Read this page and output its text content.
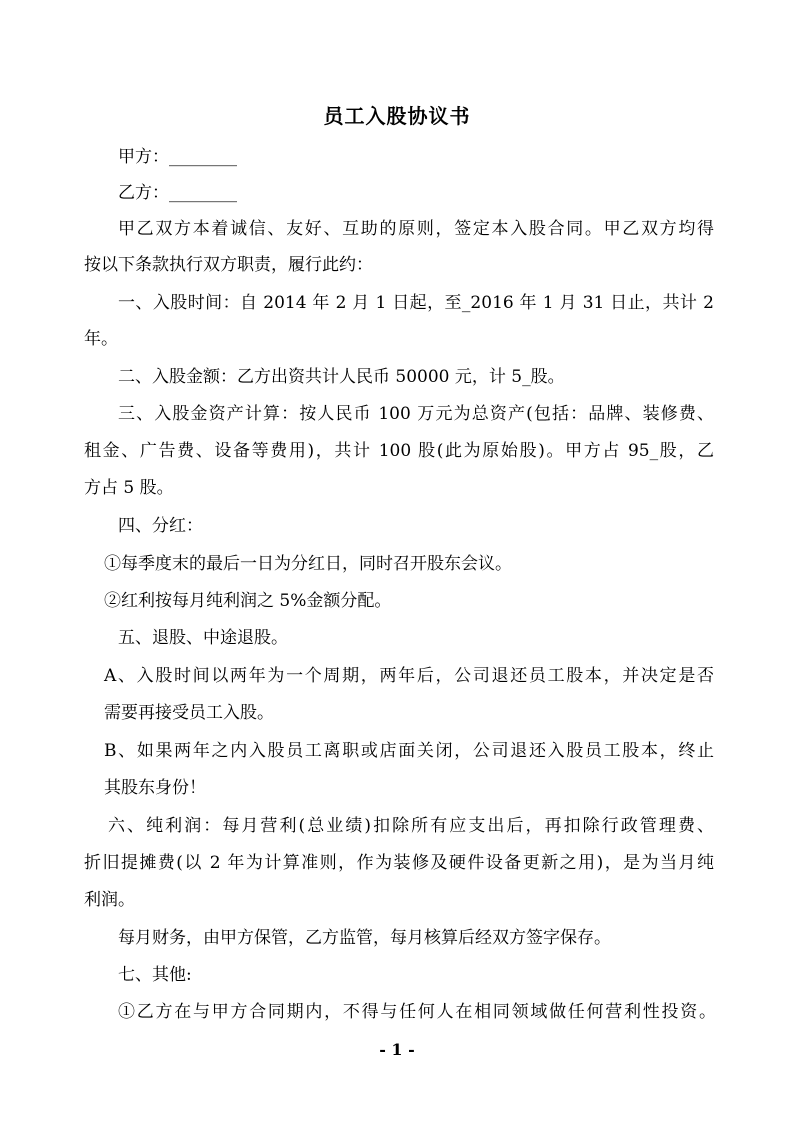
员工入股协议书
甲方：________
乙方：________
甲乙双方本着诚信、友好、互助的原则，签定本入股合同。甲乙双方均得
按以下条款执行双方职责，履行此约：
一、入股时间：自 2014 年 2 月 1 日起，至_2016 年 1 月 31 日止，共计 2
年。
二、入股金额：乙方出资共计人民币 50000 元，计 5_股。
三、入股金资产计算：按人民币 100 万元为总资产(包括：品牌、装修费、
租金、广告费、设备等费用)，共计 100 股(此为原始股)。甲方占 95_股，乙
方占 5 股。
四、分红：
①每季度末的最后一日为分红日，同时召开股东会议。
②红利按每月纯利润之 5%金额分配。
五、退股、中途退股。
A、入股时间以两年为一个周期，两年后，公司退还员工股本，并决定是否
需要再接受员工入股。
B、如果两年之内入股员工离职或店面关闭，公司退还入股员工股本，终止
其股东身份！
六、纯利润：每月营利(总业绩)扣除所有应支出后，再扣除行政管理费、
折旧提摊费(以 2 年为计算准则，作为装修及硬件设备更新之用)，是为当月纯
利润。
每月财务，由甲方保管，乙方监管，每月核算后经双方签字保存。
七、其他:
①乙方在与甲方合同期内，不得与任何人在相同领域做任何营利性投资。
- 1 -
